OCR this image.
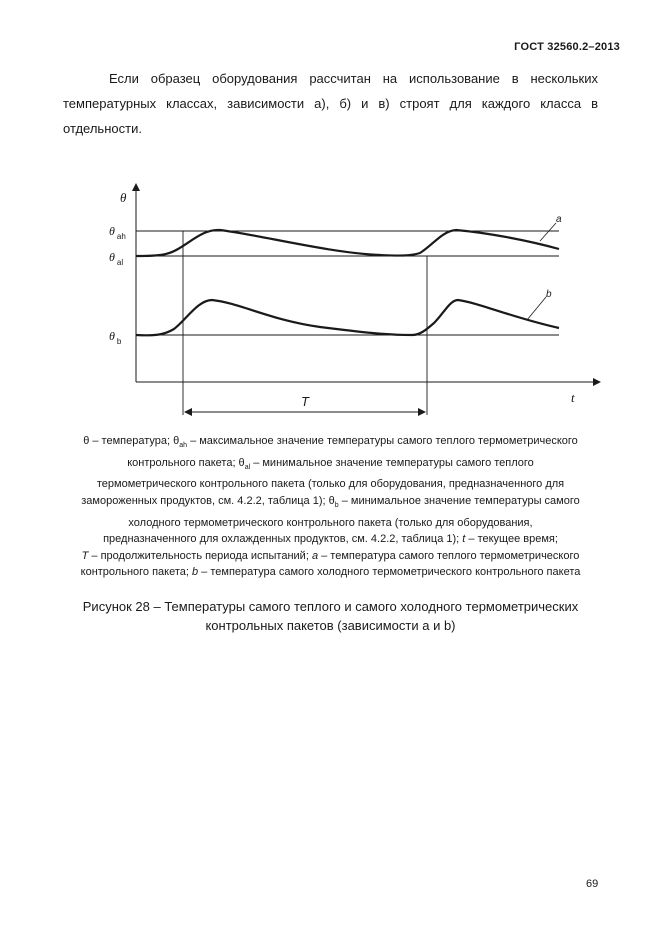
ГОСТ 32560.2–2013

Если образец оборудования рассчитан на использование в нескольких температурных классах, зависимости а), б) и в) строят для каждого класса в отдельности.

θ
t
θ $_{ah}$
θ $_{al}$
θ $_b$
T
a
b

θ – температура; $\theta_{ah}$ – максимальное значение температуры самого теплого термометрического
контрольного пакета; $\theta_{al}$ – минимальное значение температуры самого теплого
термометрического контрольного пакета (только для оборудования, предназначенного для
замороженных продуктов, см. 4.2.2, таблица 1); $\theta_b$ – минимальное значение температуры самого
холодного термометрического контрольного пакета (только для оборудования,
предназначенного для охлажденных продуктов, см. 4.2.2, таблица 1); t – текущее время;
T – продолжительность периода испытаний; a – температура самого теплого термометрического
контрольного пакета; b – температура самого холодного термометрического контрольного пакета

Рисунок 28 – Температуры самого теплого и самого холодного термометрических
контрольных пакетов (зависимости a и b)

69
